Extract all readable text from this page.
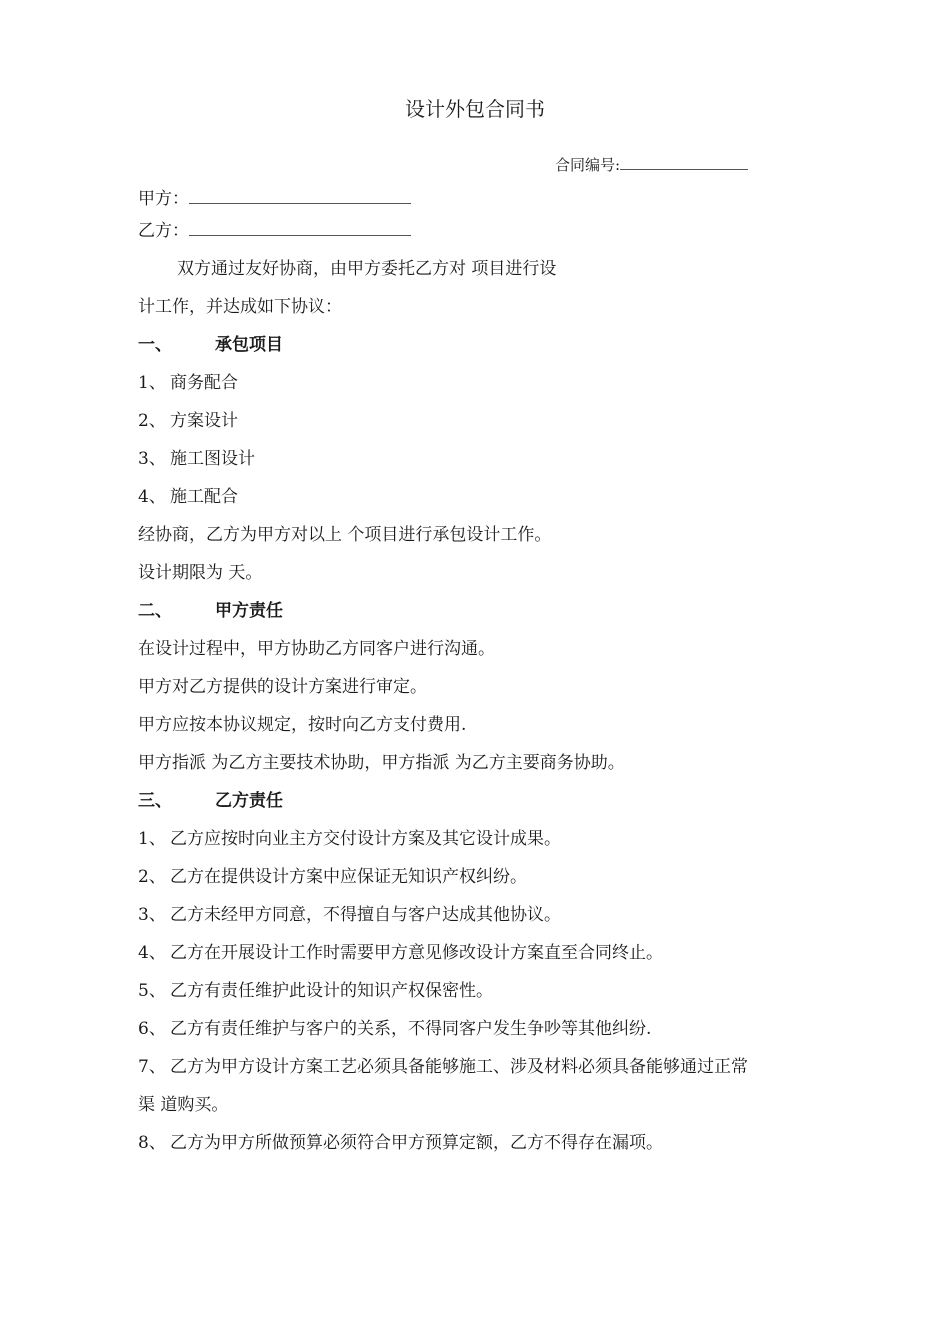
设计外包合同书
合同编号:
甲方：
乙方：
双方通过友好协商，由甲方委托乙方对 项目进行设
计工作，并达成如下协议：
一、	承包项目
1、 商务配合
2、 方案设计
3、 施工图设计
4、 施工配合
经协商，乙方为甲方对以上 个项目进行承包设计工作。
设计期限为 天。
二、	甲方责任
在设计过程中，甲方协助乙方同客户进行沟通。
甲方对乙方提供的设计方案进行审定。
甲方应按本协议规定，按时向乙方支付费用.
甲方指派 为乙方主要技术协助，甲方指派 为乙方主要商务协助。
三、	乙方责任
1、 乙方应按时向业主方交付设计方案及其它设计成果。
2、 乙方在提供设计方案中应保证无知识产权纠纷。
3、 乙方未经甲方同意，不得擅自与客户达成其他协议。
4、 乙方在开展设计工作时需要甲方意见修改设计方案直至合同终止。
5、 乙方有责任维护此设计的知识产权保密性。
6、 乙方有责任维护与客户的关系，不得同客户发生争吵等其他纠纷.
7、 乙方为甲方设计方案工艺必须具备能够施工、涉及材料必须具备能够通过正常
渠 道购买。
8、 乙方为甲方所做预算必须符合甲方预算定额，乙方不得存在漏项。
